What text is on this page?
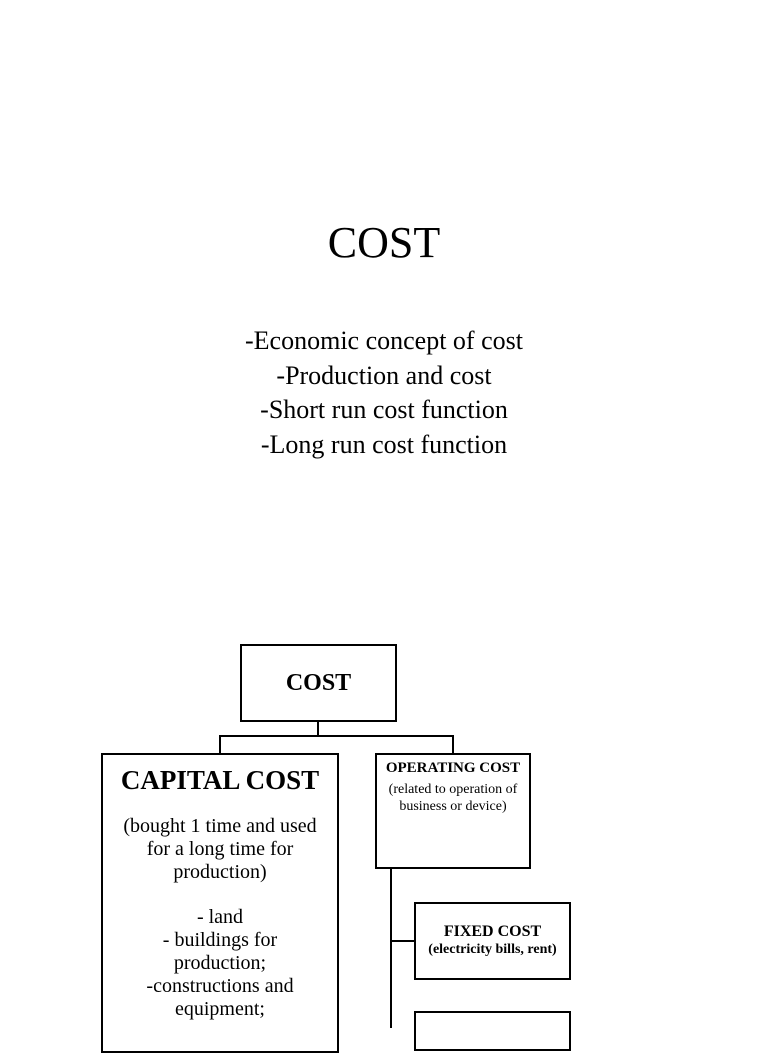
COST
-Economic concept of cost
-Production and cost
-Short run cost function
-Long run cost function
COST
CAPITAL COST
(bought 1 time and used
for a long time for
production)
- land
- buildings for
production;
-constructions and
equipment;
OPERATING COST
(related to operation of
business or device)
FIXED COST
(electricity bills, rent)
